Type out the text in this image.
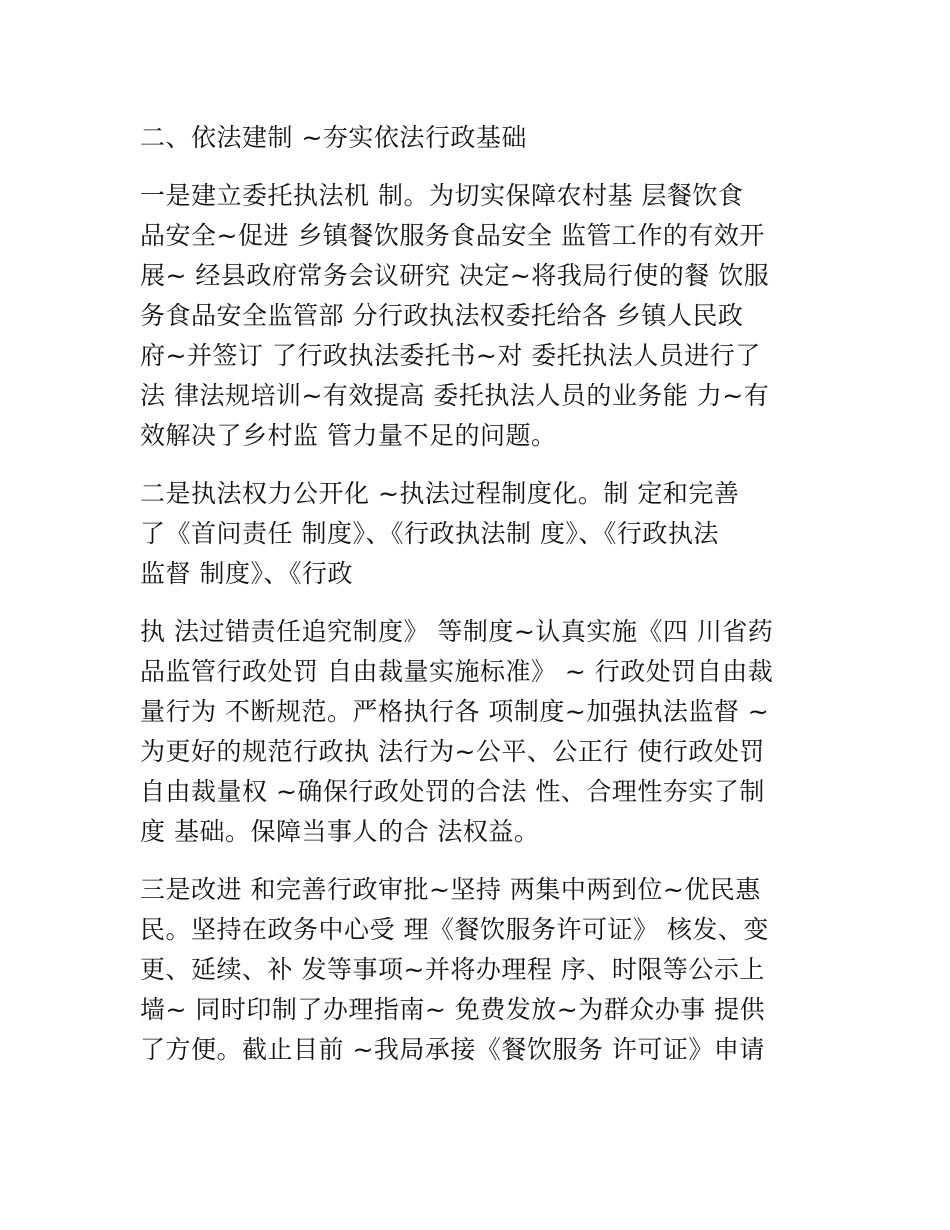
二、依法建制 ~夯实依法行政基础
一是建立委托执法机 制。为切实保障农村基 层餐饮食
品安全~促进 乡镇餐饮服务食品安全 监管工作的有效开
展~ 经县政府常务会议研究 决定~将我局行使的餐 饮服
务食品安全监管部 分行政执法权委托给各 乡镇人民政
府~并签订 了行政执法委托书~对 委托执法人员进行了
法 律法规培训~有效提高 委托执法人员的业务能 力~有
效解决了乡村监 管力量不足的问题。
二是执法权力公开化 ~执法过程制度化。制 定和完善
了《首问责任 制度》、《行政执法制 度》、《行政执法
监督 制度》、《行政
执 法过错责任追究制度》 等制度~认真实施《四 川省药
品监管行政处罚 自由裁量实施标准》 ~ 行政处罚自由裁
量行为 不断规范。严格执行各 项制度~加强执法监督 ~
为更好的规范行政执 法行为~公平、公正行 使行政处罚
自由裁量权 ~确保行政处罚的合法 性、合理性夯实了制
度 基础。保障当事人的合 法权益。
三是改进 和完善行政审批~坚持 两集中两到位~优民惠
民。坚持在政务中心受 理《餐饮服务许可证》 核发、变
更、延续、补 发等事项~并将办理程 序、时限等公示上
墙~ 同时印制了办理指南~ 免费发放~为群众办事 提供
了方便。截止目前 ~我局承接《餐饮服务 许可证》申请
